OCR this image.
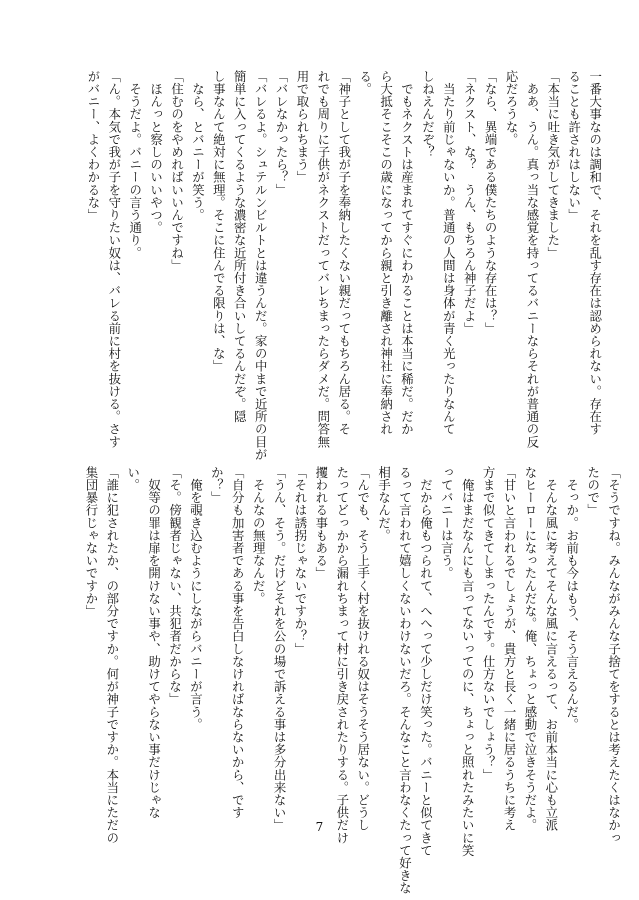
一番大事なのは調和で、それを乱す存在は認められない。存在す

ることも許されはしない」

「本当に吐き気がしてきました」

　ああ、うん。真っ当な感覚を持ってるバニーならそれが普通の反

応だろうな。

「なら、異端である僕たちのような存在は？」

「ネクスト、な？　うん、もちろん神子だよ」

　当たり前じゃないか。普通の人間は身体が青く光ったりなんて

しねえんだぞ？

　でもネクストは産まれてすぐにわかることは本当に稀だ。だか

ら大抵そこそこの歳になってから親と引き離され神社に奉納され

る。

「神子として我が子を奉納したくない親だってもちろん居る。そ

れでも周りに子供がネクストだってバレちまったらダメだ。問答無

用で取られちまう」

「バレなかったら？」

「バレるよ。シュテルンビルトとは違うんだ。家の中まで近所の目が

簡単に入ってくるような濃密な近所付き合いしてるんだぞ。隠

し事なんて絶対に無理。そこに住んでる限りは、な」

　なら、とバニーが笑う。

「住むのをやめればいいんですね」

　ほんっと察しのいいやつ。

　そうだよ。バニーの言う通り。

「ん。本気で我が子を守りたい奴は、バレる前に村を抜ける。さす

がバニー、よくわかるな」

「そうですね。みんながみんな子捨てをするとは考えたくはなかっ

たので」

　そっか。お前も今はもう、そう言えるんだ。

　そんな風に考えてそんな風に言えるって、お前本当に心も立派

なヒーローになったんだな。俺、ちょっと感動で泣きそうだよ。

「甘いと言われるでしょうが、貴方と長く一緒に居るうちに考え

方まで似てきてしまったんです。仕方ないでしょう？」

　俺はまだなんにも言ってないってのに、ちょっと照れたみたいに笑

ってバニーは言う。

　だから俺もつられて、へへって少しだけ笑った。バニーと似てきて

るって言われて嬉しくないわけないだろ。そんなこと言わなくたって好きな

相手なんだ。

「んでも、そう上手く村を抜けれる奴はそうそう居ない。どうし

たってどっかから漏れちまって村に引き戻されたりする。子供だけ

攫われる事もある」

「それは誘拐じゃないですか？」

「うん、そう。だけどそれを公の場で訴える事は多分出来ない」

　そんなの無理なんだ。

「自分も加害者である事を告白しなければならないから、です

か？」

　俺を覗き込むようにしながらバニーが言う。

「そ。傍観者じゃない、共犯者だからな」

　奴等の罪は扉を開けない事や、助けてやらない事だけじゃな

い。

「誰に犯されたか、の部分ですか。何が神子ですか。本当にただの

集団暴行じゃないですか」

7
